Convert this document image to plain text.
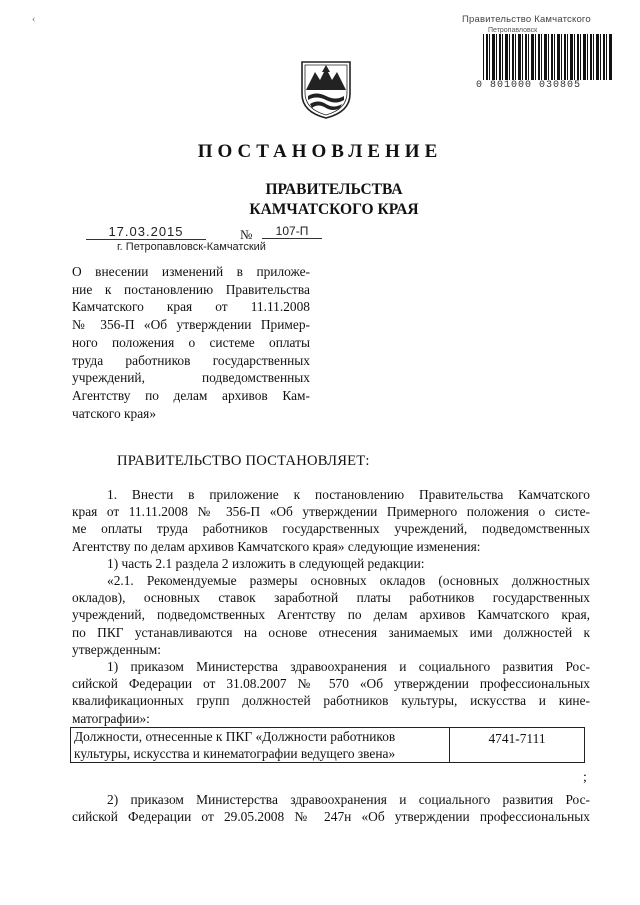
‹	Правительство Камчатского
Петропавловск
0 801000 030805
ПОСТАНОВЛЕНИЕ
ПРАВИТЕЛЬСТВА
КАМЧАТСКОГО КРАЯ
17.03.2015	№	107-П
г. Петропавловск-Камчатский
О внесении изменений в приложе-
ние к постановлению Правительства
Камчатского края от 11.11.2008
№ 356-П «Об утверждении Пример-
ного положения о системе оплаты
труда работников государственных
учреждений, подведомственных
Агентству по делам архивов Кам-
чатского края»
ПРАВИТЕЛЬСТВО ПОСТАНОВЛЯЕТ:
1. Внести в приложение к постановлению Правительства Камчатского
края от 11.11.2008 № 356-П «Об утверждении Примерного положения о систе-
ме оплаты труда работников государственных учреждений, подведомственных
Агентству по делам архивов Камчатского края» следующие изменения:
1) часть 2.1 раздела 2 изложить в следующей редакции:
«2.1. Рекомендуемые размеры основных окладов (основных должностных
окладов), основных ставок заработной платы работников государственных
учреждений, подведомственных Агентству по делам архивов Камчатского края,
по ПКГ устанавливаются на основе отнесения занимаемых ими должностей к
утвержденным:
1) приказом Министерства здравоохранения и социального развития Рос-
сийской Федерации от 31.08.2007 № 570 «Об утверждении профессиональных
квалификационных групп должностей работников культуры, искусства и кине-
матографии»:
Должности, отнесенные к ПКГ «Должности работников
культуры, искусства и кинематографии ведущего звена»
	4741-7111
;
2) приказом Министерства здравоохранения и социального развития Рос-
сийской Федерации от 29.05.2008 № 247н «Об утверждении профессиональных
